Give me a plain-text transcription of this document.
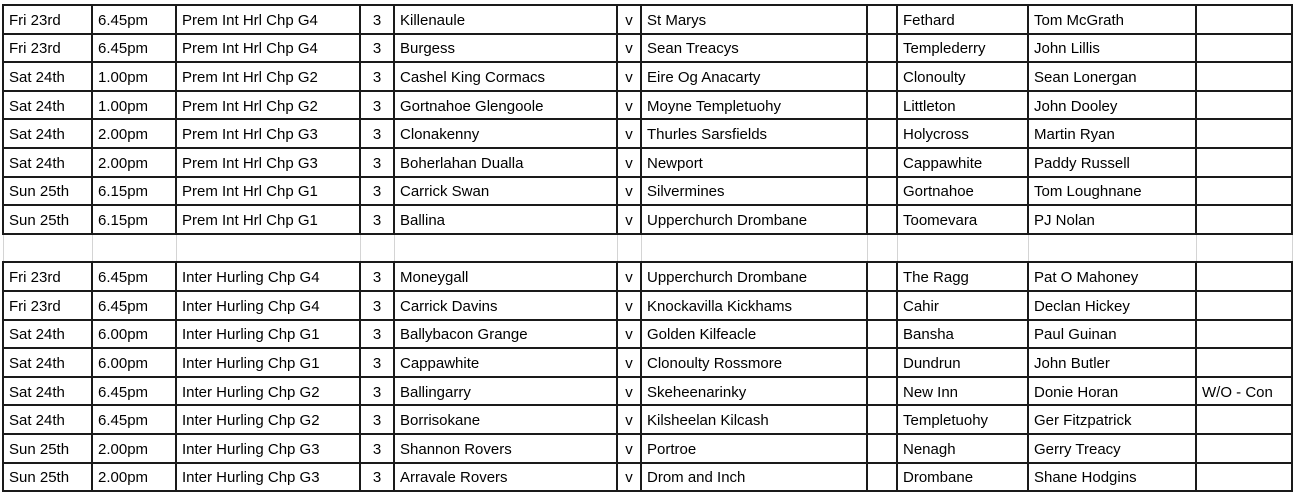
Fri 23rd	6.45pm	Prem Int Hrl Chp G4	3	Killenaule	v	St Marys		Fethard	Tom McGrath	
Fri 23rd	6.45pm	Prem Int Hrl Chp G4	3	Burgess	v	Sean Treacys		Templederry	John Lillis	
Sat 24th	1.00pm	Prem Int Hrl Chp G2	3	Cashel King Cormacs	v	Eire Og Anacarty		Clonoulty	Sean Lonergan	
Sat 24th	1.00pm	Prem Int Hrl Chp G2	3	Gortnahoe Glengoole	v	Moyne Templetuohy		Littleton	John Dooley	
Sat 24th	2.00pm	Prem Int Hrl Chp G3	3	Clonakenny	v	Thurles Sarsfields		Holycross	Martin Ryan	
Sat 24th	2.00pm	Prem Int Hrl Chp G3	3	Boherlahan Dualla	v	Newport		Cappawhite	Paddy Russell	
Sun 25th	6.15pm	Prem Int Hrl Chp G1	3	Carrick Swan	v	Silvermines		Gortnahoe	Tom Loughnane	
Sun 25th	6.15pm	Prem Int Hrl Chp G1	3	Ballina	v	Upperchurch Drombane		Toomevara	PJ Nolan	

Fri 23rd	6.45pm	Inter Hurling Chp G4	3	Moneygall	v	Upperchurch Drombane		The Ragg	Pat O Mahoney	
Fri 23rd	6.45pm	Inter Hurling Chp G4	3	Carrick Davins	v	Knockavilla Kickhams		Cahir	Declan Hickey	
Sat 24th	6.00pm	Inter Hurling Chp G1	3	Ballybacon Grange	v	Golden Kilfeacle		Bansha	Paul Guinan	
Sat 24th	6.00pm	Inter Hurling Chp G1	3	Cappawhite	v	Clonoulty Rossmore		Dundrun	John Butler	
Sat 24th	6.45pm	Inter Hurling Chp G2	3	Ballingarry	v	Skeheenarinky		New Inn	Donie Horan	W/O - Con
Sat 24th	6.45pm	Inter Hurling Chp G2	3	Borrisokane	v	Kilsheelan Kilcash		Templetuohy	Ger Fitzpatrick	
Sun 25th	2.00pm	Inter Hurling Chp G3	3	Shannon Rovers	v	Portroe		Nenagh	Gerry Treacy	
Sun 25th	2.00pm	Inter Hurling Chp G3	3	Arravale Rovers	v	Drom and Inch		Drombane	Shane Hodgins	
